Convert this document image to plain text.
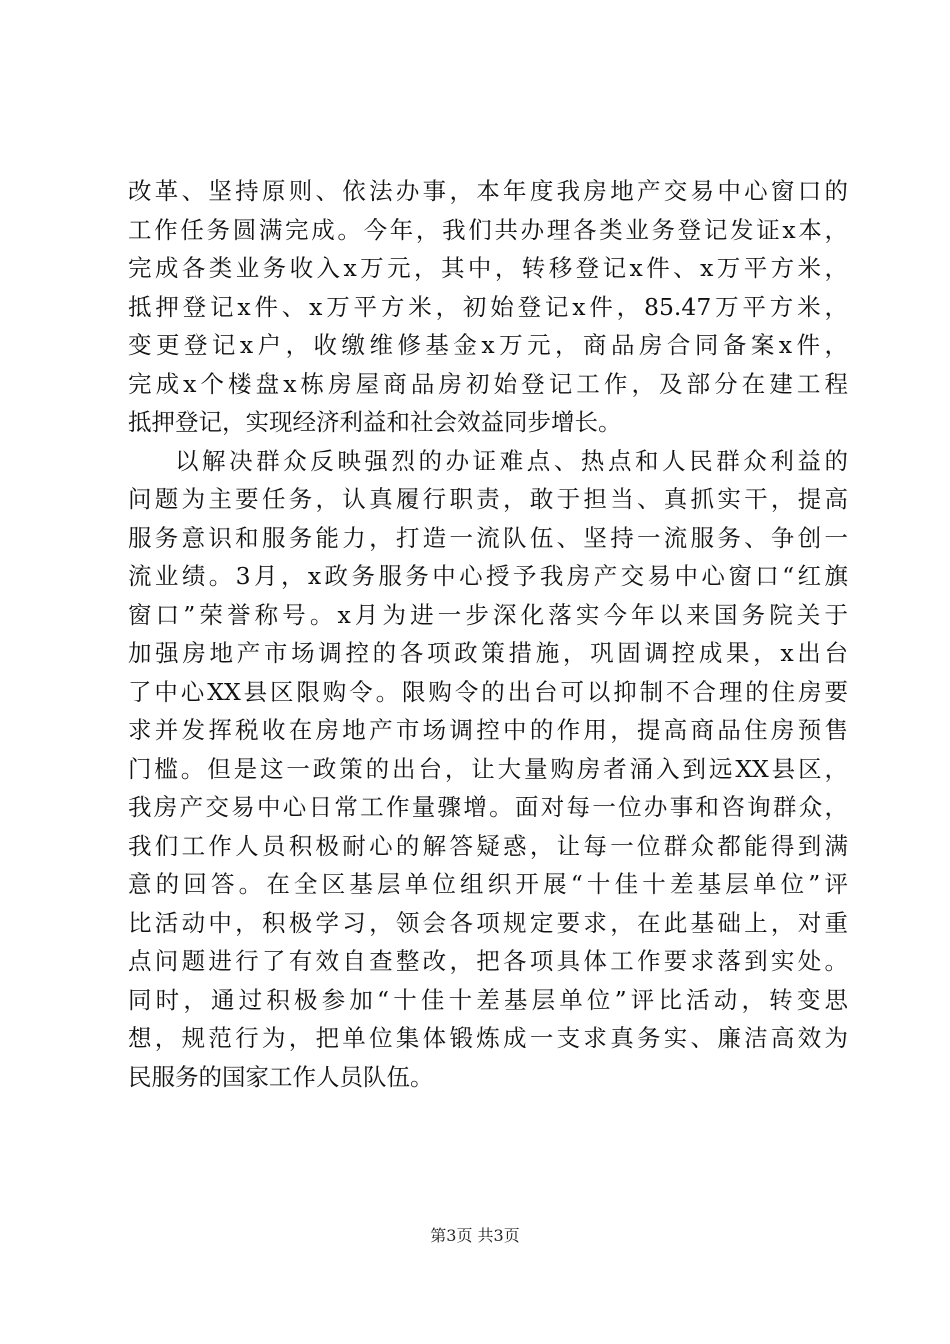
改革、坚持原则、依法办事，本年度我房地产交易中心窗口的
工作任务圆满完成。今年，我们共办理各类业务登记发证x本，
完成各类业务收入x万元，其中，转移登记x件、x万平方米，
抵押登记x件、x万平方米，初始登记x件，85.47万平方米，
变更登记x户，收缴维修基金x万元，商品房合同备案x件，
完成x个楼盘x栋房屋商品房初始登记工作，及部分在建工程
抵押登记，实现经济利益和社会效益同步增长。
以解决群众反映强烈的办证难点、热点和人民群众利益的
问题为主要任务，认真履行职责，敢于担当、真抓实干，提高
服务意识和服务能力，打造一流队伍、坚持一流服务、争创一
流业绩。3月，x政务服务中心授予我房产交易中心窗口“红旗
窗口”荣誉称号。x月为进一步深化落实今年以来国务院关于
加强房地产市场调控的各项政策措施，巩固调控成果，x出台
了中心XX县区限购令。限购令的出台可以抑制不合理的住房要
求并发挥税收在房地产市场调控中的作用，提高商品住房预售
门槛。但是这一政策的出台，让大量购房者涌入到远XX县区，
我房产交易中心日常工作量骤增。面对每一位办事和咨询群众，
我们工作人员积极耐心的解答疑惑，让每一位群众都能得到满
意的回答。在全区基层单位组织开展“十佳十差基层单位”评
比活动中，积极学习，领会各项规定要求，在此基础上，对重
点问题进行了有效自查整改，把各项具体工作要求落到实处。
同时，通过积极参加“十佳十差基层单位”评比活动，转变思
想，规范行为，把单位集体锻炼成一支求真务实、廉洁高效为
民服务的国家工作人员队伍。
第3页 共3页
